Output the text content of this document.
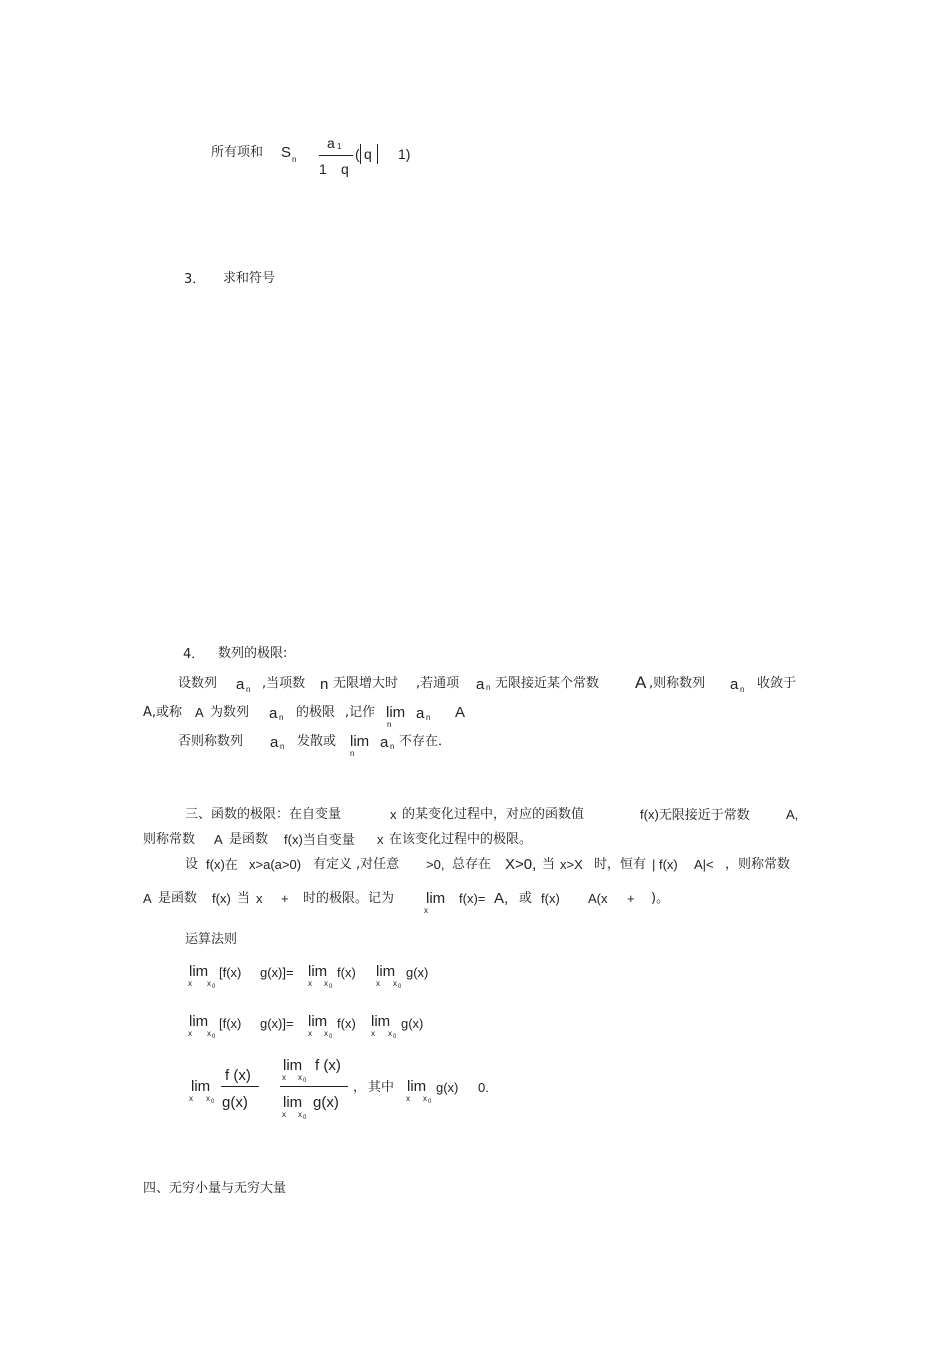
所有项和 S n
a 1
1 q
( q 1)
3． 求和符号
4． 数列的极限:
设数列 a n ,当项数 n 无限增大时 ,若通项 a n 无限接近某个常数 A ,则称数列 a n 收敛于
A,或称 A 为数列 a n 的极限 ,记作 lim
n
a n A
否则称数列 a n 发散或 lim
n
a n 不存在．
三、函数的极限：在自变量	x 的某变化过程中，对应的函数值	f(x)无限接近于常数	A,
则称常数 A 是函数 f(x)当自变量 x 在该变化过程中的极限。
设 f(x)在 x>a(a>0) 有定义 ,对任意 >0, 总存在 X>0, 当 x>X 时，恒有 | f(x) A|< ，则称常数
A 是函数 f(x) 当 x + 时的极限。记为 lim
x
f(x)= A, 或 f(x) A(x + )。
运算法则
lim
x x 0
[f(x) g(x)]= lim
x x 0
f(x) lim
x x 0
g(x)
lim
x x 0
[f(x) g(x)]= lim
x x 0
f(x) lim
x x 0
g(x)
lim
x x 0
f (x)
g(x)
lim
x x 0
f (x)
lim
x x 0
g(x)
， 其中 lim
x x 0
g(x) 0.
四、无穷小量与无穷大量
